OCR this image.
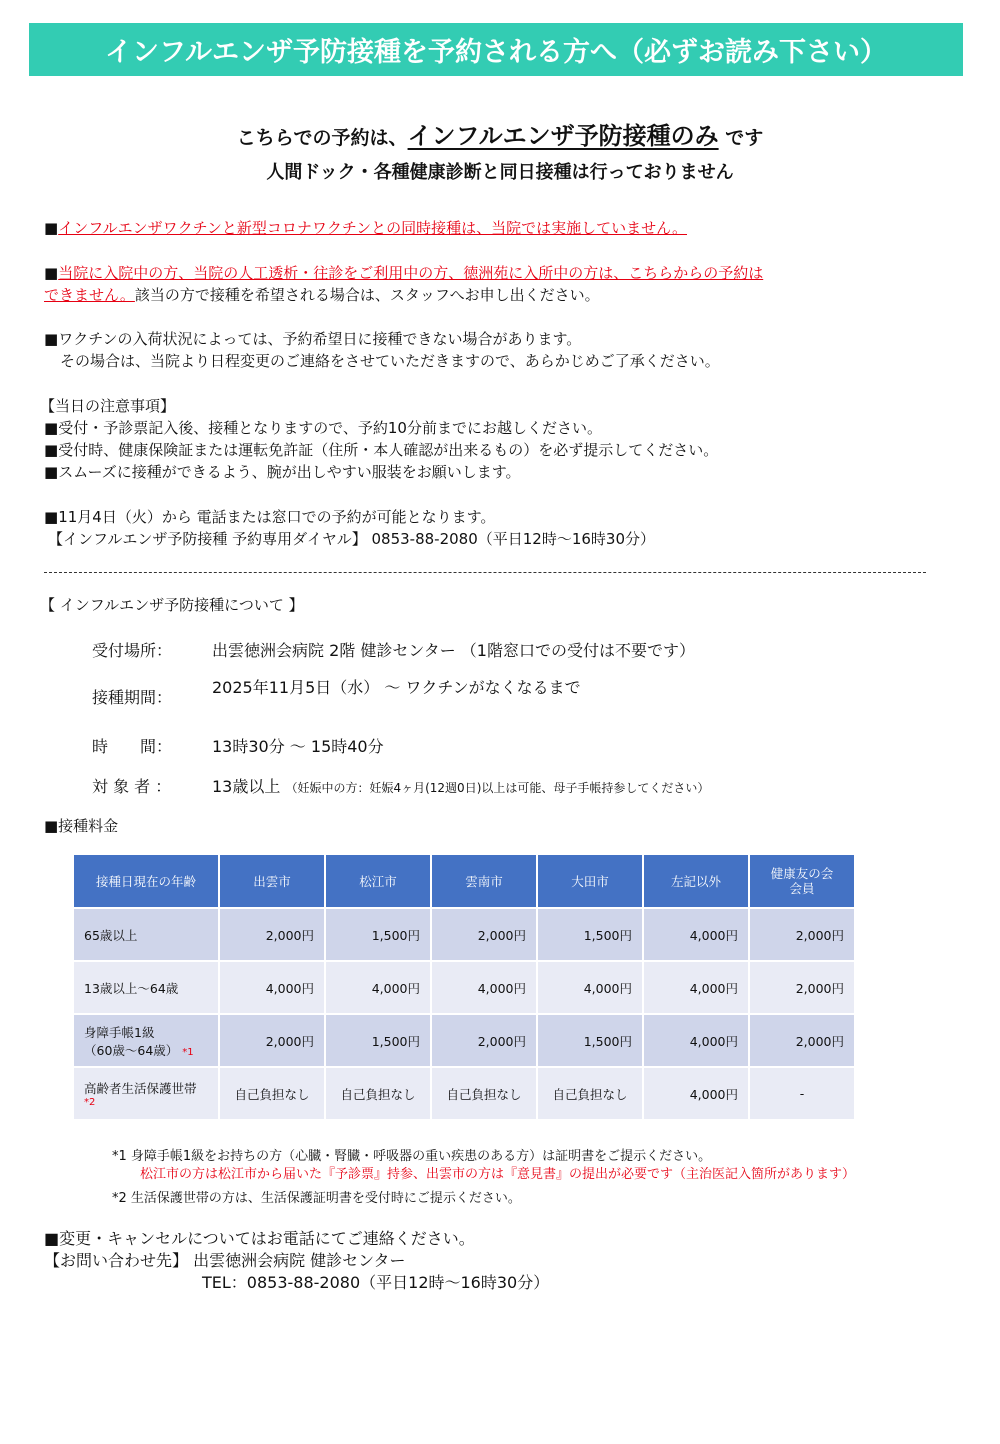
インフルエンザ予防接種を予約される方へ（必ずお読み下さい）
こちらでの予約は、インフルエンザ予防接種のみ です
人間ドック・各種健康診断と同日接種は行っておりません
■インフルエンザワクチンと新型コロナワクチンとの同時接種は、当院では実施していません。
■当院に入院中の方、当院の人工透析・往診をご利用中の方、徳洲苑に入所中の方は、こちらからの予約は
できません。該当の方で接種を希望される場合は、スタッフへお申し出ください。
■ワクチンの入荷状況によっては、予約希望日に接種できない場合があります。
その場合は、当院より日程変更のご連絡をさせていただきますので、あらかじめご了承ください。
【当日の注意事項】
■受付・予診票記入後、接種となりますので、予約10分前までにお越しください。
■受付時、健康保険証または運転免許証（住所・本人確認が出来るもの）を必ず提示してください。
■スムーズに接種ができるよう、腕が出しやすい服装をお願いします。
■11月4日（火）から 電話または窓口での予約が可能となります。
【インフルエンザ予防接種 予約専用ダイヤル】 0853-88-2080（平日12時～16時30分）
【 インフルエンザ予防接種について 】
受付場所： 出雲徳洲会病院 2階 健診センター （1階窓口での受付は不要です）
接種期間：
2025年11月5日（水） ～ ワクチンがなくなるまで
時　　間： 13時30分 ～ 15時40分
対 象 者 ：	13歳以上 （妊娠中の方：妊娠4ヶ月(12週0日)以上は可能、母子手帳持参してください）
■接種料金
接種日現在の年齢	出雲市	松江市	雲南市	大田市	左記以外	健康友の会
会員
65歳以上	2,000円	1,500円	2,000円	1,500円	4,000円	2,000円
13歳以上～64歳	4,000円	4,000円	4,000円	4,000円	4,000円	2,000円

身障手帳1級
（60歳～64歳） *1	2,000円	1,500円	2,000円	1,500円	4,000円	2,000円

高齢者生活保護世帯
*2	自己負担なし	自己負担なし	自己負担なし	自己負担なし	4,000円	-
*1 身障手帳1級をお持ちの方（心臓・腎臓・呼吸器の重い疾患のある方）は証明書をご提示ください。
松江市の方は松江市から届いた『予診票』持参、出雲市の方は『意見書』の提出が必要です（主治医記入箇所があります）
*2 生活保護世帯の方は、生活保護証明書を受付時にご提示ください。
■変更・キャンセルについてはお電話にてご連絡ください。
【お問い合わせ先】 出雲徳洲会病院 健診センター
TEL：0853-88-2080（平日12時～16時30分）
